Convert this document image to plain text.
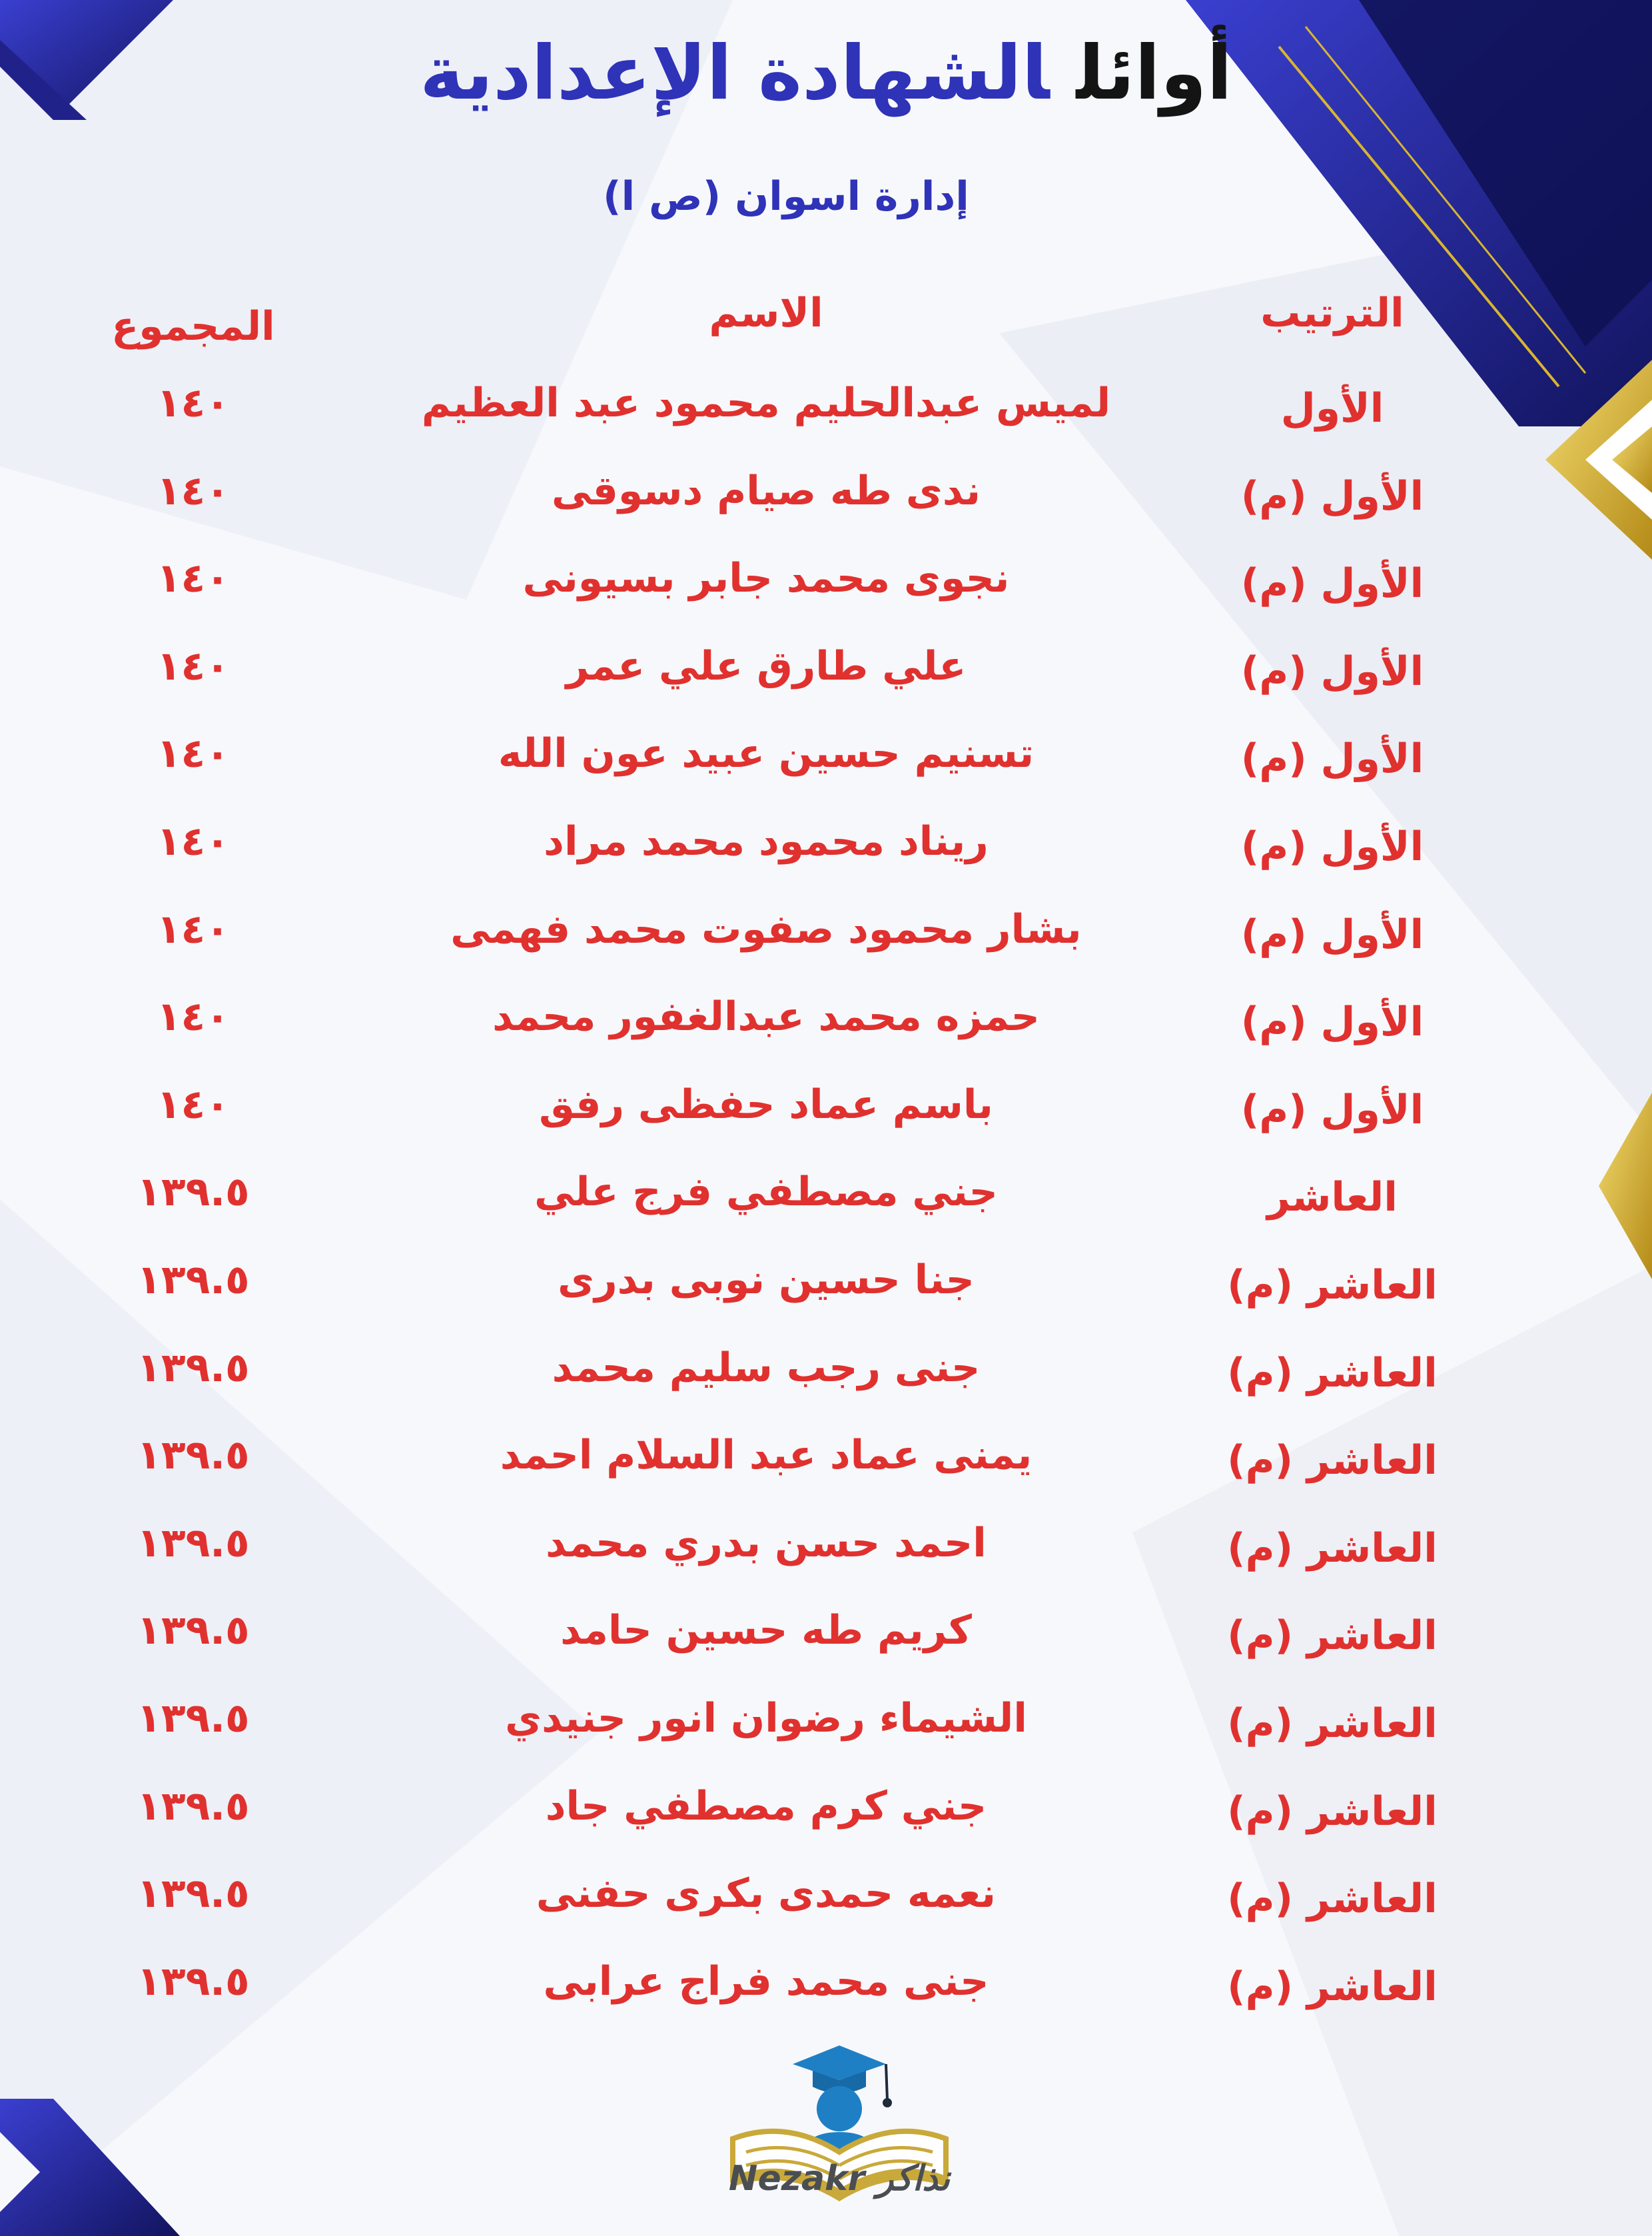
أوائلالشهادة الإعدادية
إدارة اسوان (ص ا)
الترتيب
الاسم
المجموع
الأول
لميس عبدالحليم محمود عبد العظيم
١٤٠
الأول (م)
ندى طه صيام دسوقى
١٤٠
الأول (م)
نجوى محمد جابر بسيونى
١٤٠
الأول (م)
علي طارق علي عمر
١٤٠
الأول (م)
تسنيم حسين عبيد عون الله
١٤٠
الأول (م)
ريناد محمود محمد مراد
١٤٠
الأول (م)
بشار محمود صفوت محمد فهمى
١٤٠
الأول (م)
حمزه محمد عبدالغفور محمد
١٤٠
الأول (م)
باسم عماد حفظى رفق
١٤٠
العاشر
جني مصطفي فرج علي
١٣٩.٥
العاشر (م)
جنا حسين نوبى بدرى
١٣٩.٥
العاشر (م)
جنى رجب سليم محمد
١٣٩.٥
العاشر (م)
يمنى عماد عبد السلام احمد
١٣٩.٥
العاشر (م)
احمد حسن بدري محمد
١٣٩.٥
العاشر (م)
كريم طه حسين حامد
١٣٩.٥
العاشر (م)
الشيماء رضوان انور جنيدي
١٣٩.٥
العاشر (م)
جني كرم مصطفي جاد
١٣٩.٥
العاشر (م)
نعمه حمدى بكرى حفنى
١٣٩.٥
العاشر (م)
جنى محمد فراج عرابى
١٣٩.٥
Nezakr نذاكر
